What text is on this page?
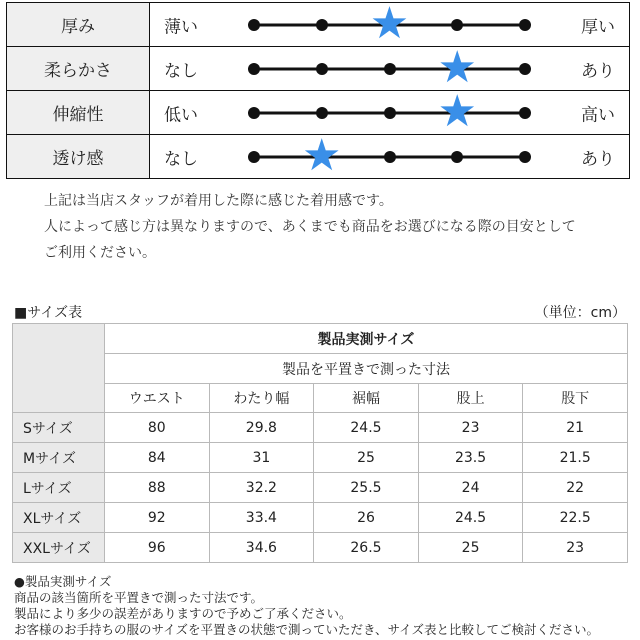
厚み	薄い 厚い
★

柔らかさ	なし あり
★

伸縮性	低い 高い
★

透け感	なし あり
★
上記は当店スタッフが着用した際に感じた着用感です。
人によって感じ方は異なりますので、あくまでも商品をお選びになる際の目安として
ご利用ください。
■サイズ表	（単位：cm）
	製品実測サイズ				
	製品を平置きで測った寸法				
	ウエスト	わたり幅	裾幅	股上	股下
Sサイズ	80	29.8	24.5	23	21
Mサイズ	84	31	25	23.5	21.5
Lサイズ	88	32.2	25.5	24	22
XLサイズ	92	33.4	26	24.5	22.5
XXLサイズ	96	34.6	26.5	25	23
●製品実測サイズ
商品の該当箇所を平置きで測った寸法です。
製品により多少の誤差がありますので予めご了承ください。
お客様のお手持ちの服のサイズを平置きの状態で測っていただき、サイズ表と比較してご検討ください。
